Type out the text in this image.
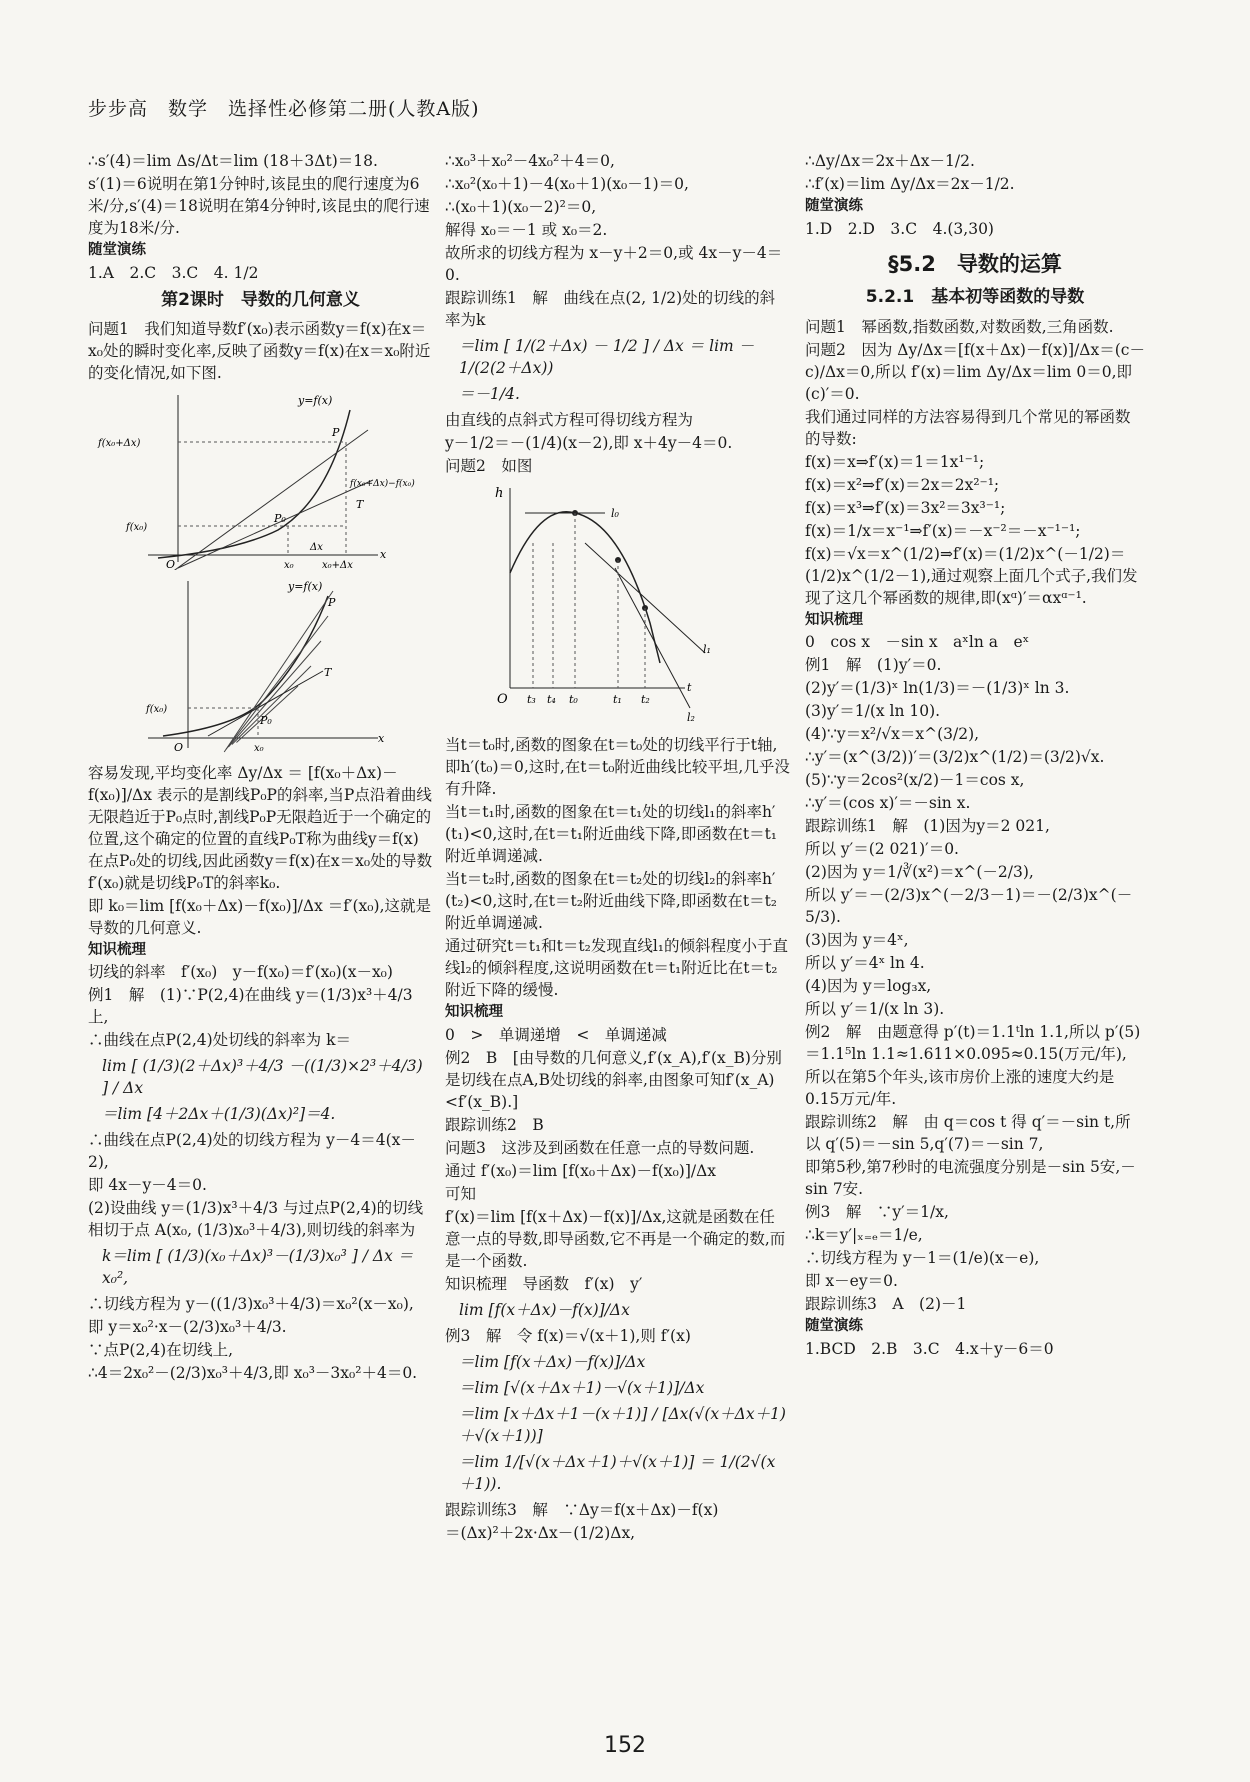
步步高　数学　选择性必修第二册(人教A版)

∴s′(4)＝lim Δs/Δt＝lim (18＋3Δt)＝18.

s′(1)＝6说明在第1分钟时,该昆虫的爬行速度为6米/分,s′(4)＝18说明在第4分钟时,该昆虫的爬行速度为18米/分.

随堂演练

1.A　2.C　3.C　4. 1/2

第2课时　导数的几何意义

问题1　我们知道导数f′(x₀)表示函数y＝f(x)在x＝x₀处的瞬时变化率,反映了函数y＝f(x)在x＝x₀附近的变化情况,如下图.

y=f(x)
f(x₀+Δx)
P
f(x₀+Δx)−f(x₀)
T
f(x₀)
P₀
O	x₀
Δx
x₀+Δx
x
y=f(x)
P
T
f(x₀)
P₀
O	x₀
x

容易发现,平均变化率 Δy/Δx ＝ [f(x₀＋Δx)－f(x₀)]/Δx 表示的是割线P₀P的斜率,当P点沿着曲线无限趋近于P₀点时,割线P₀P无限趋近于一个确定的位置,这个确定的位置的直线P₀T称为曲线y＝f(x)在点P₀处的切线,因此函数y＝f(x)在x＝x₀处的导数f′(x₀)就是切线P₀T的斜率k₀.

即 k₀＝lim [f(x₀＋Δx)－f(x₀)]/Δx ＝f′(x₀),这就是导数的几何意义.

知识梳理

切线的斜率　f′(x₀)　y－f(x₀)＝f′(x₀)(x－x₀)

例1　解　(1)∵P(2,4)在曲线 y＝(1/3)x³＋4/3上,

∴曲线在点P(2,4)处切线的斜率为 k＝

lim [ (1/3)(2＋Δx)³＋4/3 －((1/3)×2³＋4/3) ] / Δx

＝lim [4＋2Δx＋(1/3)(Δx)²]＝4.

∴曲线在点P(2,4)处的切线方程为 y－4＝4(x－2),

即 4x－y－4＝0.

(2)设曲线 y＝(1/3)x³＋4/3 与过点P(2,4)的切线相切于点 A(x₀, (1/3)x₀³＋4/3),则切线的斜率为

k＝lim [ (1/3)(x₀＋Δx)³－(1/3)x₀³ ] / Δx ＝x₀²,

∴切线方程为 y－((1/3)x₀³＋4/3)＝x₀²(x－x₀),

即 y＝x₀²·x－(2/3)x₀³＋4/3.

∵点P(2,4)在切线上,

∴4＝2x₀²－(2/3)x₀³＋4/3,即 x₀³－3x₀²＋4＝0.

∴x₀³＋x₀²－4x₀²＋4＝0,

∴x₀²(x₀＋1)－4(x₀＋1)(x₀－1)＝0,

∴(x₀＋1)(x₀－2)²＝0,

解得 x₀＝－1 或 x₀＝2.

故所求的切线方程为 x－y＋2＝0,或 4x－y－4＝0.

跟踪训练1　解　曲线在点(2, 1/2)处的切线的斜率为k

＝lim [ 1/(2＋Δx) － 1/2 ] / Δx ＝ lim －1/(2(2＋Δx))

＝－1/4.

由直线的点斜式方程可得切线方程为

y－1/2＝－(1/4)(x－2),即 x＋4y－4＝0.

问题2　如图

h
l₀
l₁
l₂
O t₃ t₄ t₀	t₁ t₂
t

当t＝t₀时,函数的图象在t＝t₀处的切线平行于t轴,即h′(t₀)＝0,这时,在t＝t₀附近曲线比较平坦,几乎没有升降.

当t＝t₁时,函数的图象在t＝t₁处的切线l₁的斜率h′(t₁)<0,这时,在t＝t₁附近曲线下降,即函数在t＝t₁附近单调递减.

当t＝t₂时,函数的图象在t＝t₂处的切线l₂的斜率h′(t₂)<0,这时,在t＝t₂附近曲线下降,即函数在t＝t₂附近单调递减.

通过研究t＝t₁和t＝t₂发现直线l₁的倾斜程度小于直线l₂的倾斜程度,这说明函数在t＝t₁附近比在t＝t₂附近下降的缓慢.

知识梳理

0　>　单调递增　<　单调递减

例2　B　[由导数的几何意义,f′(x_A),f′(x_B)分别是切线在点A,B处切线的斜率,由图象可知f′(x_A)<f′(x_B).]

跟踪训练2　B

问题3　这涉及到函数在任意一点的导数问题.

通过 f′(x₀)＝lim [f(x₀＋Δx)－f(x₀)]/Δx

可知

f′(x)＝lim [f(x＋Δx)－f(x)]/Δx,这就是函数在任意一点的导数,即导函数,它不再是一个确定的数,而是一个函数.

知识梳理　导函数　f′(x)　y′

lim [f(x＋Δx)－f(x)]/Δx

例3　解　令 f(x)＝√(x＋1),则 f′(x)

＝lim [f(x＋Δx)－f(x)]/Δx

＝lim [√(x＋Δx＋1)－√(x＋1)]/Δx

＝lim [x＋Δx＋1－(x＋1)] / [Δx(√(x＋Δx＋1)＋√(x＋1))]

＝lim 1/[√(x＋Δx＋1)＋√(x＋1)] ＝ 1/(2√(x＋1)).

跟踪训练3　解　∵Δy＝f(x＋Δx)－f(x)

＝(Δx)²＋2x·Δx－(1/2)Δx,

∴Δy/Δx＝2x＋Δx－1/2.

∴f′(x)＝lim Δy/Δx＝2x－1/2.

随堂演练

1.D　2.D　3.C　4.(3,30)

§5.2　导数的运算

5.2.1　基本初等函数的导数

问题1　幂函数,指数函数,对数函数,三角函数.

问题2　因为 Δy/Δx＝[f(x＋Δx)－f(x)]/Δx＝(c－c)/Δx＝0,所以 f′(x)＝lim Δy/Δx＝lim 0＝0,即(c)′＝0.

我们通过同样的方法容易得到几个常见的幂函数的导数:

f(x)＝x⇒f′(x)＝1＝1x¹⁻¹;

f(x)＝x²⇒f′(x)＝2x＝2x²⁻¹;

f(x)＝x³⇒f′(x)＝3x²＝3x³⁻¹;

f(x)＝1/x＝x⁻¹⇒f′(x)＝－x⁻²＝－x⁻¹⁻¹;

f(x)＝√x＝x^(1/2)⇒f′(x)＝(1/2)x^(－1/2)＝(1/2)x^(1/2－1),通过观察上面几个式子,我们发现了这几个幂函数的规律,即(xᵅ)′＝αxᵅ⁻¹.

知识梳理

0　cos x　－sin x　aˣln a　eˣ

例1　解　(1)y′＝0.

(2)y′＝(1/3)ˣ ln(1/3)＝－(1/3)ˣ ln 3.

(3)y′＝1/(x ln 10).

(4)∵y＝x²/√x＝x^(3/2),

∴y′＝(x^(3/2))′＝(3/2)x^(1/2)＝(3/2)√x.

(5)∵y＝2cos²(x/2)－1＝cos x,

∴y′＝(cos x)′＝－sin x.

跟踪训练1　解　(1)因为y＝2 021,

所以 y′＝(2 021)′＝0.

(2)因为 y＝1/∛(x²)＝x^(－2/3),

所以 y′＝－(2/3)x^(－2/3－1)＝－(2/3)x^(－5/3).

(3)因为 y＝4ˣ,

所以 y′＝4ˣ ln 4.

(4)因为 y＝log₃x,

所以 y′＝1/(x ln 3).

例2　解　由题意得 p′(t)＝1.1ᵗln 1.1,所以 p′(5)＝1.1⁵ln 1.1≈1.611×0.095≈0.15(万元/年),

所以在第5个年头,该市房价上涨的速度大约是0.15万元/年.

跟踪训练2　解　由 q＝cos t 得 q′＝－sin t,所以 q′(5)＝－sin 5,q′(7)＝－sin 7,

即第5秒,第7秒时的电流强度分别是－sin 5安,－sin 7安.

例3　解　∵y′＝1/x,

∴k＝y′|ₓ₌ₑ＝1/e,

∴切线方程为 y－1＝(1/e)(x－e),

即 x－ey＝0.

跟踪训练3　A　(2)－1

随堂演练

1.BCD　2.B　3.C　4.x＋y－6＝0

152
